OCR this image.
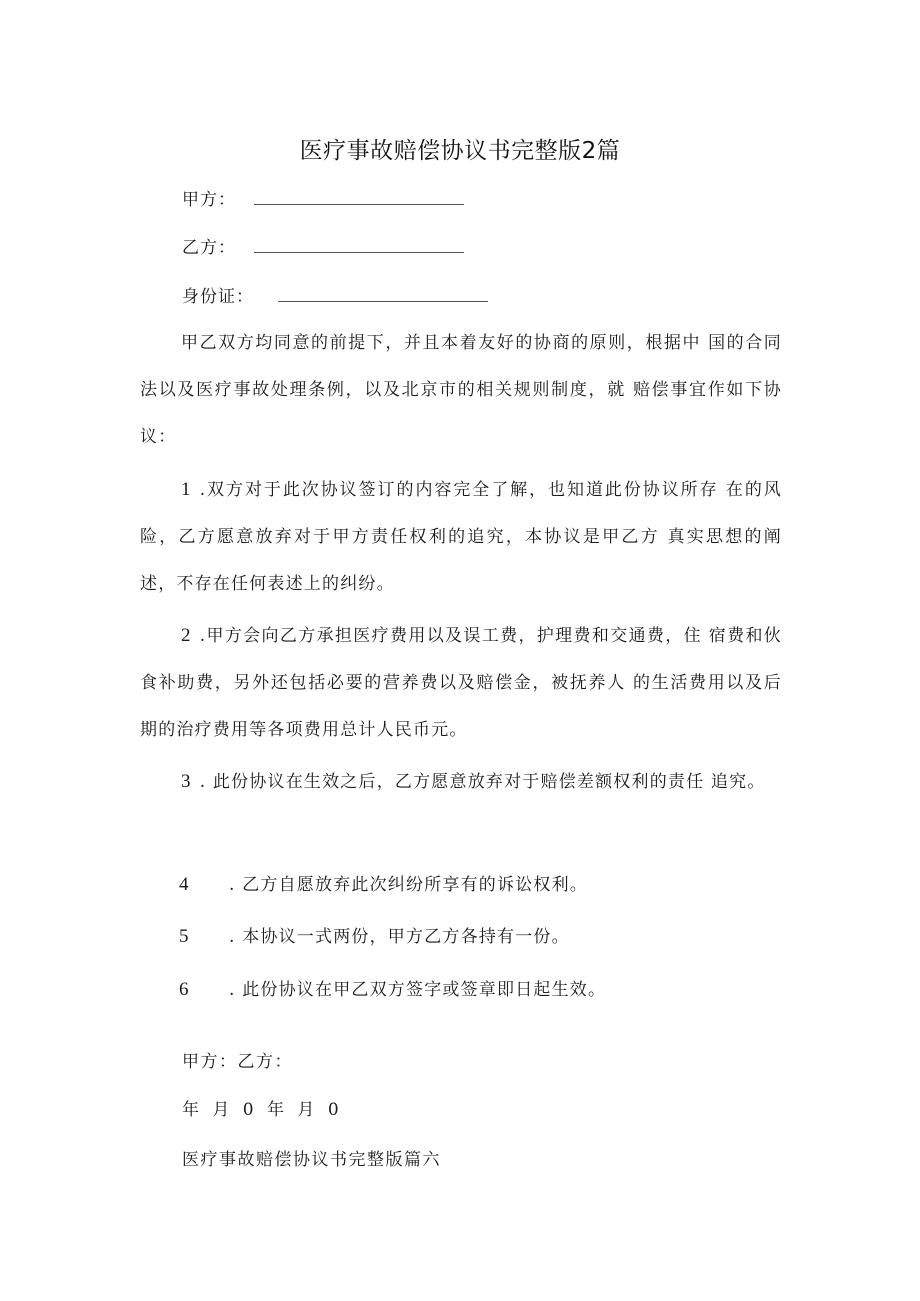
医疗事故赔偿协议书完整版2篇
甲方：
乙方：
身份证：
甲乙双方均同意的前提下，并且本着友好的协商的原则，根据中 国的合同法以及医疗事故处理条例，以及北京市的相关规则制度，就 赔偿事宜作如下协议：
1 .双方对于此次协议签订的内容完全了解，也知道此份协议所存 在的风险，乙方愿意放弃对于甲方责任权利的追究，本协议是甲乙方 真实思想的阐述，不存在任何表述上的纠纷。
2 .甲方会向乙方承担医疗费用以及误工费，护理费和交通费，住 宿费和伙食补助费，另外还包括必要的营养费以及赔偿金，被抚养人 的生活费用以及后期的治疗费用等各项费用总计人民币元。
3 . 此份协议在生效之后，乙方愿意放弃对于赔偿差额权利的责任 追究。
4 . 乙方自愿放弃此次纠纷所享有的诉讼权利。
5 . 本协议一式两份，甲方乙方各持有一份。
6 . 此份协议在甲乙双方签字或签章即日起生效。
甲方：乙方：
年 月 0 年 月 0
医疗事故赔偿协议书完整版篇六
